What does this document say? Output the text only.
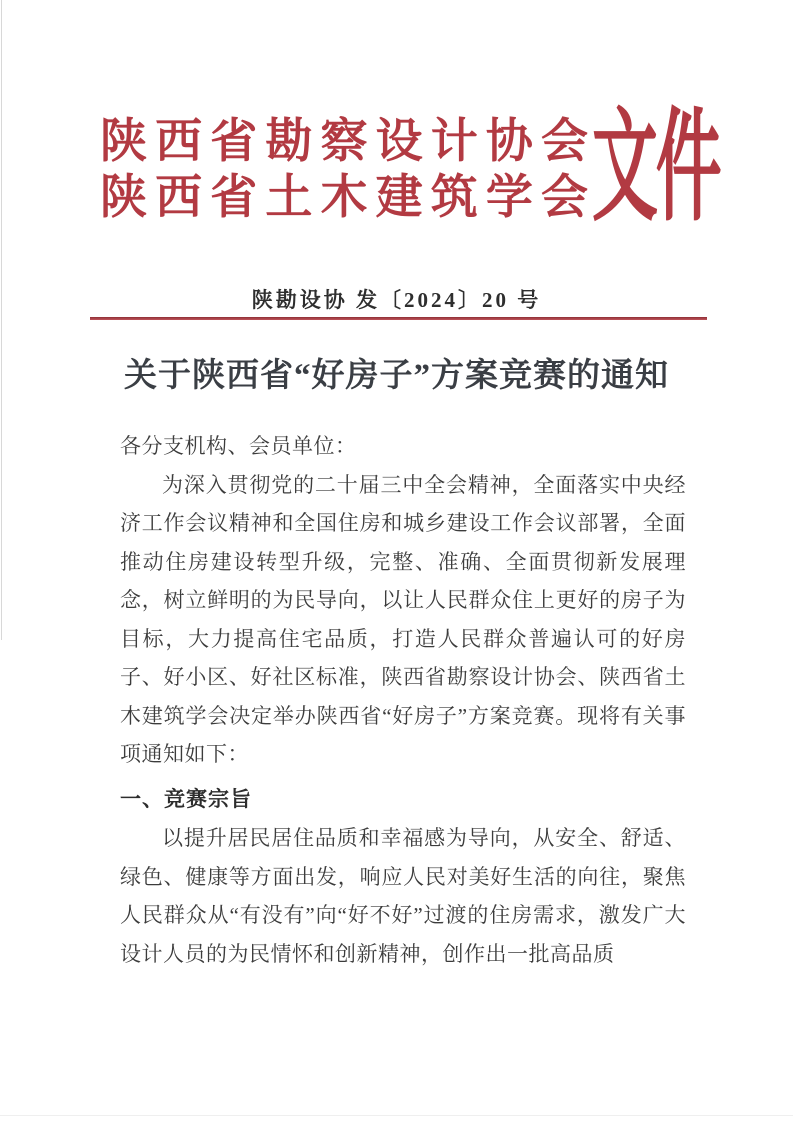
陕 西 省 勘 察 设 计 协 会
陕 西 省 土 木 建 筑 学 会 文件
陕勘设协 发〔2024〕20 号
关于陕西省“好房子”方案竞赛的通知
各分支机构、会员单位：
为深入贯彻党的二十届三中全会精神，全面落实中央经济工作会议精神和全国住房和城乡建设工作会议部署，全面推动住房建设转型升级，完整、准确、全面贯彻新发展理念，树立鲜明的为民导向，以让人民群众住上更好的房子为目标，大力提高住宅品质，打造人民群众普遍认可的好房子、好小区、好社区标准，陕西省勘察设计协会、陕西省土木建筑学会决定举办陕西省“好房子”方案竞赛。现将有关事项通知如下：
一、竞赛宗旨
以提升居民居住品质和幸福感为导向，从安全、舒适、绿色、健康等方面出发，响应人民对美好生活的向往，聚焦人民群众从“有没有”向“好不好”过渡的住房需求，激发广大设计人员的为民情怀和创新精神，创作出一批高品质
